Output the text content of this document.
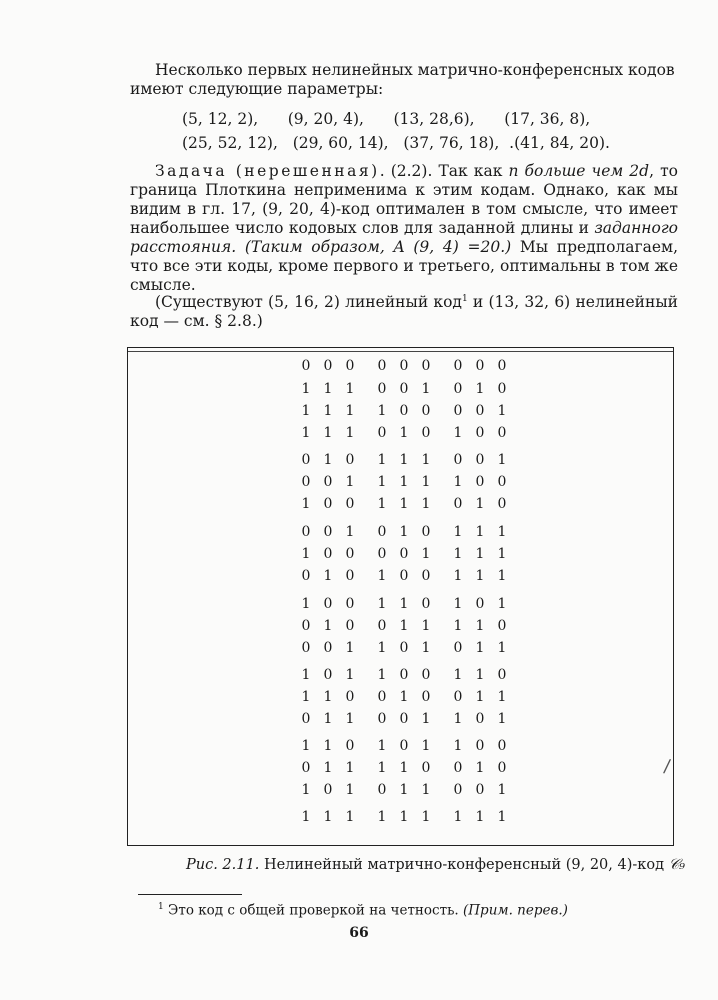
Несколько первых нелинейных матрично-конференсных кодов
имеют следующие параметры:
(5, 12, 2), (9, 20, 4), (13, 28,6), (17, 36, 8),
(25, 52, 12), (29, 60, 14), (37, 76, 18), .(41, 84, 20).
Задача (нерешенная). (2.2). Так как n больше чем 2d, то граница Плоткина неприменима к этим кодам. Однако, как мы видим в гл. 17, (9, 20, 4)-код оптимален в том смысле, что имеет наибольшее число кодовых слов для заданной длины и заданного расстояния. (Таким образом, A (9, 4) =20.) Мы предполагаем, что все эти коды, кроме первого и третьего, оптимальны в том же смысле.
(Существуют (5, 16, 2) линейный код$^1$ и (13, 32, 6) нелинейный код — см. § 2.8.)
0 0 0 0 0 0 0 0 0
1 1 1 0 0 1 0 1 0
1 1 1 1 0 0 0 0 1
1 1 1 0 1 0 1 0 0
0 1 0 1 1 1 0 0 1
0 0 1 1 1 1 1 0 0
1 0 0 1 1 1 0 1 0
0 0 1 0 1 0 1 1 1
1 0 0 0 0 1 1 1 1
0 1 0 1 0 0 1 1 1
1 0 0 1 1 0 1 0 1
0 1 0 0 1 1 1 1 0
0 0 1 1 0 1 0 1 1
1 0 1 1 0 0 1 1 0
1 1 0 0 1 0 0 1 1
0 1 1 0 0 1 1 0 1
1 1 0 1 0 1 1 0 0
0 1 1 1 1 0 0 1 0
1 0 1 0 1 1 0 0 1
1 1 1 1 1 1 1 1 1
/
Рис. 2.11. Нелинейный матрично-конференсный (9, 20, 4)-код 𝒞₉
$^1$ Это код с общей проверкой на четность. (Прим. перев.)
66
